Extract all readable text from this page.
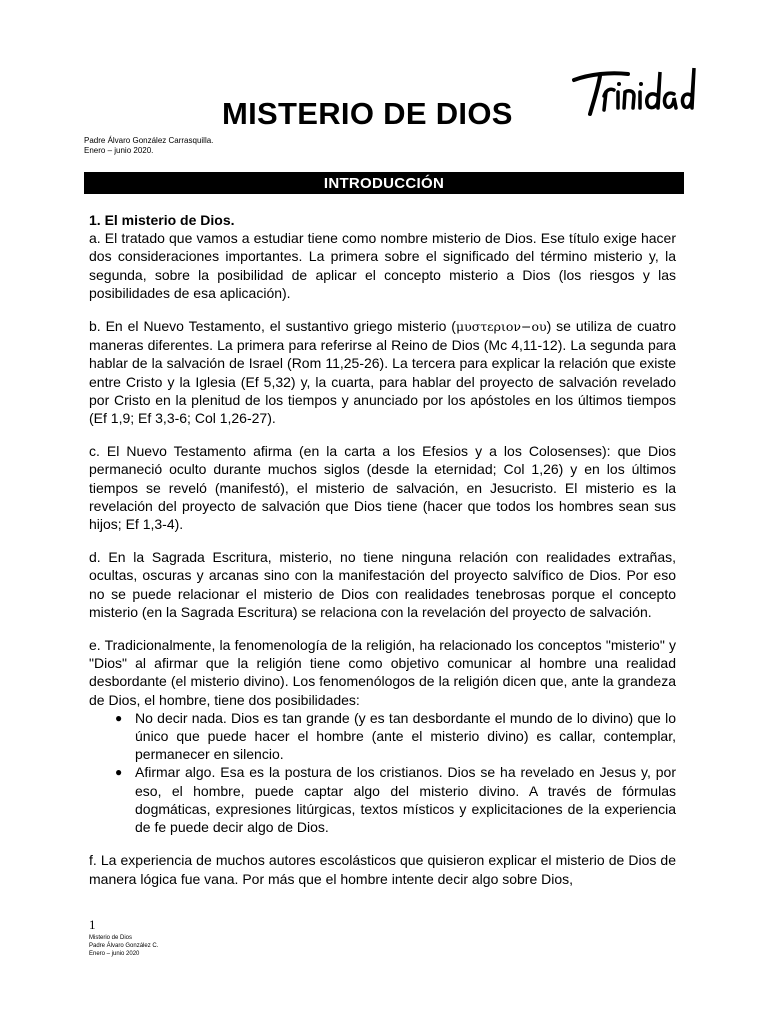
MISTERIO DE DIOS
Padre Álvaro González Carrasquilla.
Enero – junio 2020.
INTRODUCCIÓN
1. El misterio de Dios.

a. El tratado que vamos a estudiar tiene como nombre misterio de Dios. Ese título exige hacer dos consideraciones importantes. La primera sobre el significado del término misterio y, la segunda, sobre la posibilidad de aplicar el concepto misterio a Dios (los riesgos y las posibilidades de esa aplicación).

b. En el Nuevo Testamento, el sustantivo griego misterio (μυστεριον−ου) se utiliza de cuatro maneras diferentes. La primera para referirse al Reino de Dios (Mc 4,11-12). La segunda para hablar de la salvación de Israel (Rom 11,25-26). La tercera para explicar la relación que existe entre Cristo y la Iglesia (Ef 5,32) y, la cuarta, para hablar del proyecto de salvación revelado por Cristo en la plenitud de los tiempos y anunciado por los apóstoles en los últimos tiempos (Ef 1,9; Ef 3,3-6; Col 1,26-27).

c. El Nuevo Testamento afirma (en la carta a los Efesios y a los Colosenses): que Dios permaneció oculto durante muchos siglos (desde la eternidad; Col 1,26) y en los últimos tiempos se reveló (manifestó), el misterio de salvación, en Jesucristo. El misterio es la revelación del proyecto de salvación que Dios tiene (hacer que todos los hombres sean sus hijos; Ef 1,3-4).

d. En la Sagrada Escritura, misterio, no tiene ninguna relación con realidades extrañas, ocultas, oscuras y arcanas sino con la manifestación del proyecto salvífico de Dios. Por eso no se puede relacionar el misterio de Dios con realidades tenebrosas porque el concepto misterio (en la Sagrada Escritura) se relaciona con la revelación del proyecto de salvación.

e. Tradicionalmente, la fenomenología de la religión, ha relacionado los conceptos "misterio" y "Dios" al afirmar que la religión tiene como objetivo comunicar al hombre una realidad desbordante (el misterio divino). Los fenomenólogos de la religión dicen que, ante la grandeza de Dios, el hombre, tiene dos posibilidades:

● No decir nada. Dios es tan grande (y es tan desbordante el mundo de lo divino) que lo único que puede hacer el hombre (ante el misterio divino) es callar, contemplar, permanecer en silencio.
● Afirmar algo. Esa es la postura de los cristianos. Dios se ha revelado en Jesus y, por eso, el hombre, puede captar algo del misterio divino. A través de fórmulas dogmáticas, expresiones litúrgicas, textos místicos y explicitaciones de la experiencia de fe puede decir algo de Dios.

f. La experiencia de muchos autores escolásticos que quisieron explicar el misterio de Dios de manera lógica fue vana. Por más que el hombre intente decir algo sobre Dios,

1
Misterio de Dios
Padre Álvaro González C.
Enero – junio 2020
